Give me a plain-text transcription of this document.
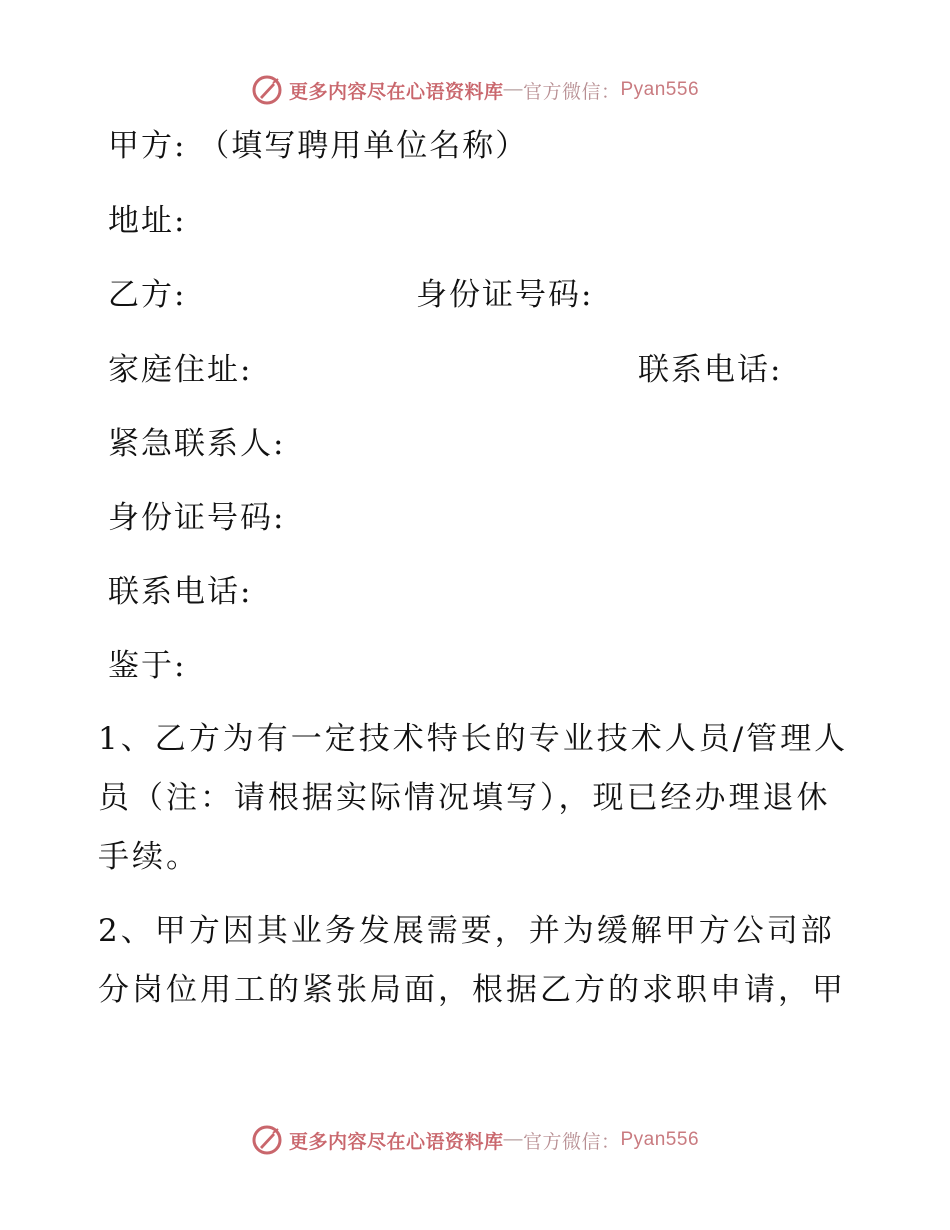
更多内容尽在心语资料库 — 官方微信： Pyan556
甲方: （填写聘用单位名称）
地址:
乙方:	身份证号码:
家庭住址:	联系电话:
紧急联系人:
身份证号码:
联系电话:
鉴于:

1、乙方为有一定技术特长的专业技术人员/管理人员（注：请根据实际情况填写），现已经办理退休手续。

2、甲方因其业务发展需要，并为缓解甲方公司部分岗位用工的紧张局面，根据乙方的求职申请，甲

更多内容尽在心语资料库 — 官方微信： Pyan556
